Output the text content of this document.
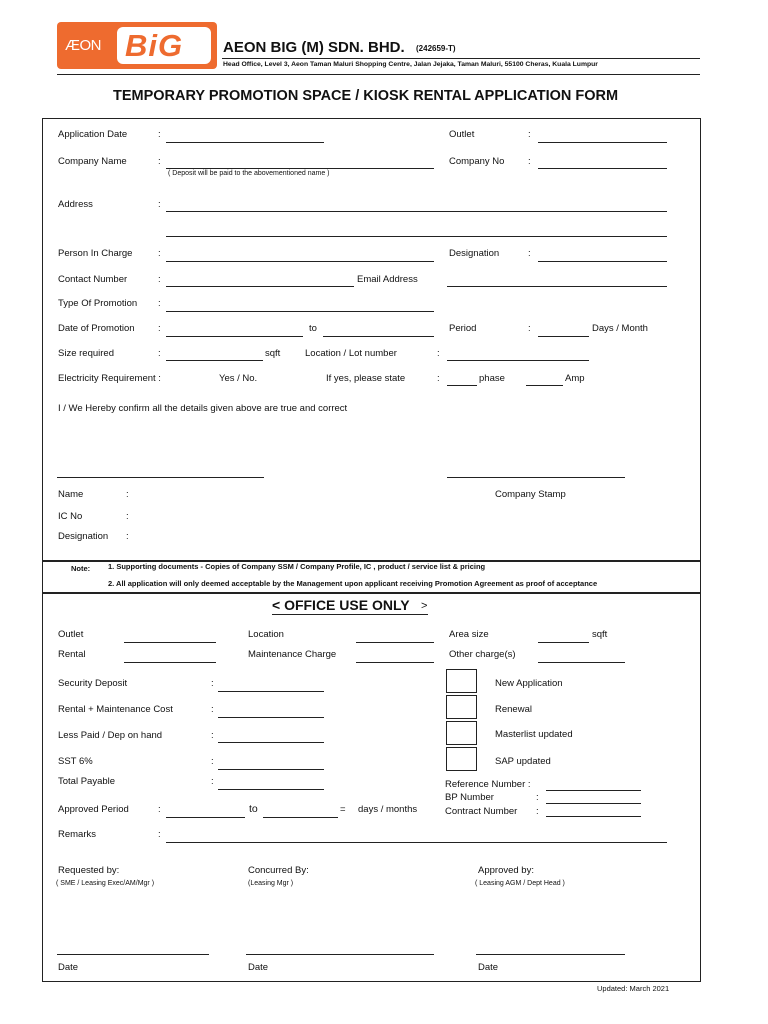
ÆON BiG	AEON BIG (M) SDN. BHD. (242659-T)
Head Office, Level 3, Aeon Taman Maluri Shopping Centre, Jalan Jejaka, Taman Maluri, 55100 Cheras, Kuala Lumpur
TEMPORARY PROMOTION SPACE / KIOSK RENTAL APPLICATION FORM
Application Date	:	Outlet	:
Company Name	:
( Deposit will be paid to the abovementioned name )
Company No :
Address	:
Person In Charge	:	Designation	:
Contact Number	:	Email Address
Type Of Promotion :
Date of Promotion :	to	Period	:	Days / Month
Size required	:	sqft	Location / Lot number	:
Electricity Requirement :	Yes / No.	If yes, please state	:	phase	Amp
I / We Hereby confirm all the details given above are true and correct
Name	:	Company Stamp
IC No	:
Designation :
Note: 1. Supporting documents - Copies of Company SSM / Company Profile, IC , product / service list & pricing
2. All application will only deemed acceptable by the Management upon applicant receiving Promotion Agreement as proof of acceptance
< OFFICE USE ONLY >
Outlet	Location	Area size	sqft
Rental	Maintenance Charge	Other charge(s)
Security Deposit	:
Rental + Maintenance Cost	:
Less Paid / Dep on hand	:
SST 6%	:
Total Payable	:
New Application
Renewal
Masterlist updated
SAP updated
Reference Number :
BP Number	:
Contract Number :
Approved Period	:	to	= days / months
Remarks	:
Requested by:
( SME / Leasing Exec/AM/Mgr )
Concurred By:
(Leasing Mgr )
Approved by:
( Leasing AGM / Dept Head )
Date	Date	Date
Updated: March 2021
